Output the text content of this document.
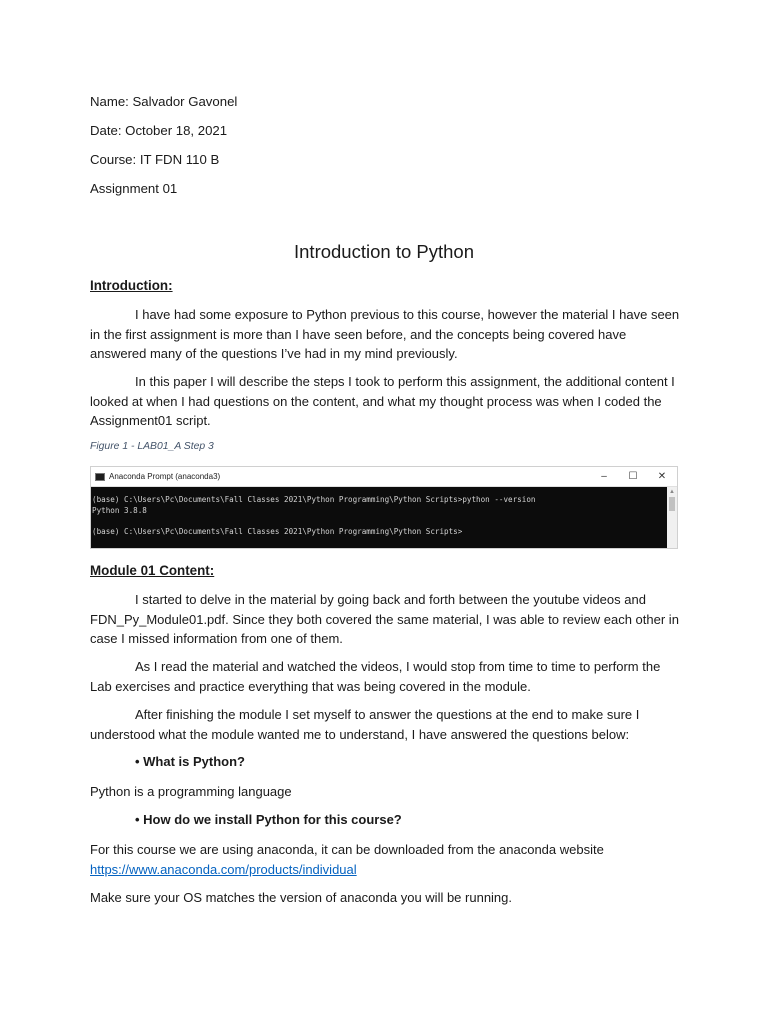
Name: Salvador Gavonel

Date: October 18, 2021

Course: IT FDN 110 B

Assignment 01

Introduction to Python
Introduction:

I have had some exposure to Python previous to this course, however the material I have seen in the first assignment is more than I have seen before, and the concepts being covered have answered many of the questions I’ve had in my mind previously.

In this paper I will describe the steps I took to perform this assignment, the additional content I looked at when I had questions on the content, and what my thought process was when I coded the Assignment01 script.

Figure 1 - LAB01_A Step 3

Anaconda Prompt (anaconda3)	–	☐	✕
(base) C:\Users\Pc\Documents\Fall Classes 2021\Python Programming\Python Scripts>python --version
Python 3.8.8
(base) C:\Users\Pc\Documents\Fall Classes 2021\Python Programming\Python Scripts>
▲
Module 01 Content:

I started to delve in the material by going back and forth between the youtube videos and FDN_Py_Module01.pdf. Since they both covered the same material, I was able to review each other in case I missed information from one of them.

As I read the material and watched the videos, I would stop from time to time to perform the Lab exercises and practice everything that was being covered in the module.

After finishing the module I set myself to answer the questions at the end to make sure I understood what the module wanted me to understand, I have answered the questions below:

• What is Python?

Python is a programming language

• How do we install Python for this course?

For this course we are using anaconda, it can be downloaded from the anaconda website
https://www.anaconda.com/products/individual

Make sure your OS matches the version of anaconda you will be running.
